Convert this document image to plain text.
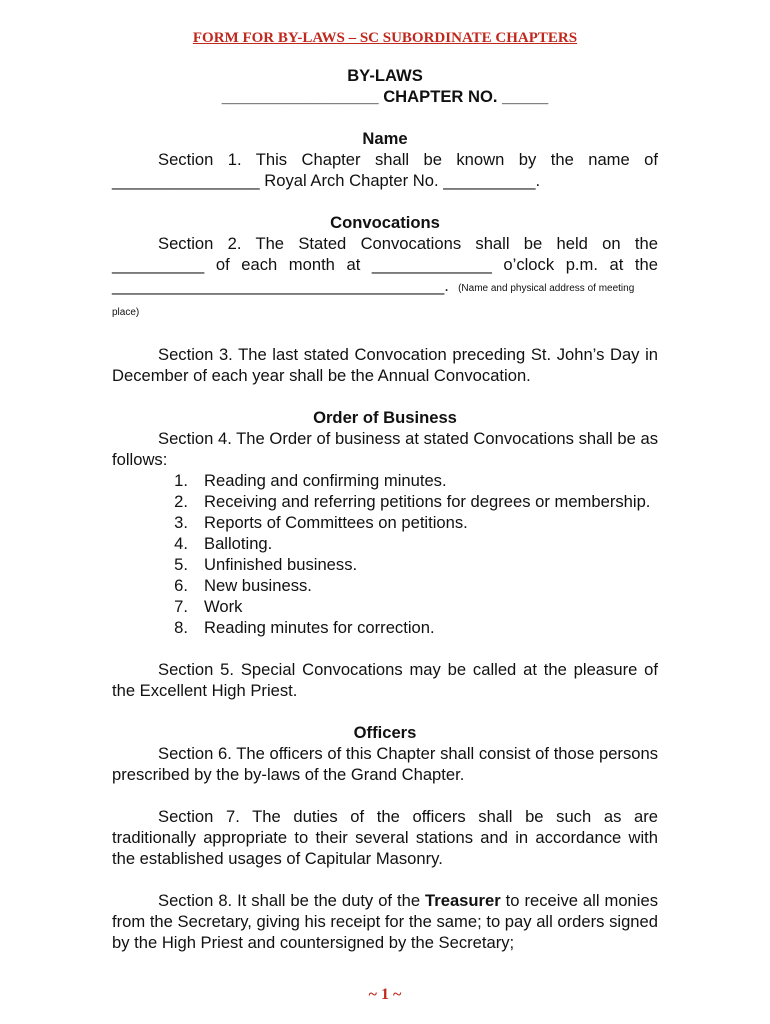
FORM FOR BY-LAWS – SC SUBORDINATE CHAPTERS

BY-LAWS

_________________ CHAPTER NO. _____

Name

Section 1. This Chapter shall be known by the name of

________________ Royal Arch Chapter No. __________.

Convocations

Section 2. The Stated Convocations shall be held on the

__________ of each month at _____________ o’clock p.m. at the

____________________________________. (Name and physical address of meeting place)

Section 3. The last stated Convocation preceding St. John’s Day in December of each year shall be the Annual Convocation.

Order of Business

Section 4. The Order of business at stated Convocations shall be as follows:

1. Reading and confirming minutes.
2. Receiving and referring petitions for degrees or membership.
3. Reports of Committees on petitions.
4. Balloting.
5. Unfinished business.
6. New business.
7. Work
8. Reading minutes for correction.

Section 5. Special Convocations may be called at the pleasure of the Excellent High Priest.

Officers

Section 6. The officers of this Chapter shall consist of those persons prescribed by the by-laws of the Grand Chapter.

Section 7. The duties of the officers shall be such as are traditionally appropriate to their several stations and in accordance with the established usages of Capitular Masonry.

Section 8. It shall be the duty of the Treasurer to receive all monies from the Secretary, giving his receipt for the same; to pay all orders signed by the High Priest and countersigned by the Secretary;

~ 1 ~
